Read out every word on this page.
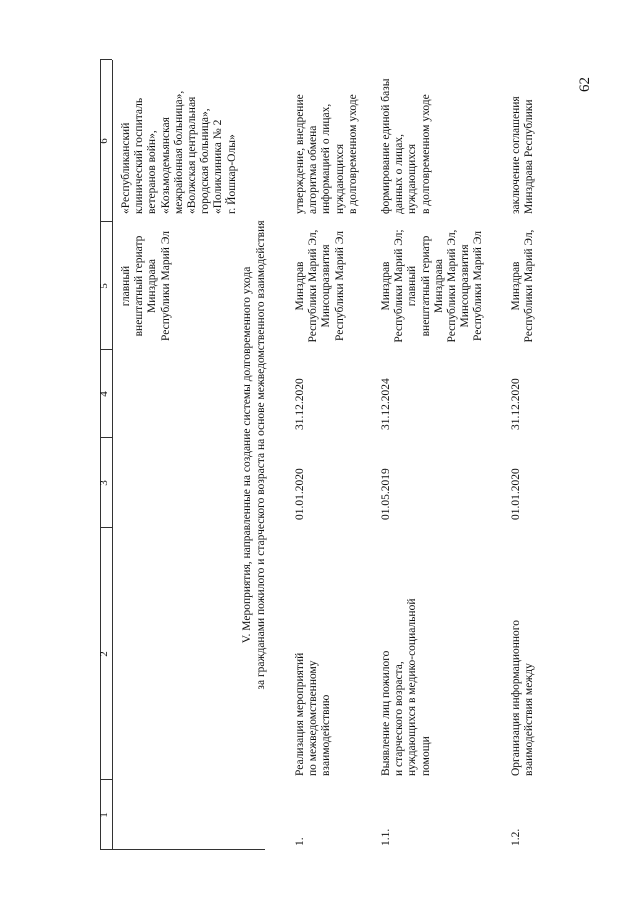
62
1
2
3
4
5
6
главный
внештатный гериатр
Минздрава
Республики Марий Эл
«Республиканский
клинический госпиталь
ветеранов войн»,
«Козьмодемьянская
межрайонная больница»,
«Волжская центральная
городская больница»,
«Поликлиника № 2
г. Йошкар-Олы»
V. Мероприятия, направленные на создание системы долговременного ухода за гражданами пожилого и старческого возраста на основе межведомственного взаимодействия
1.
Реализация мероприятий
по межведомственному
взаимодействию
01.01.2020
31.12.2020
Минздрав
Республики Марий Эл,
Минсоцразвития
Республики Марий Эл
утверждение, внедрение
алгоритма обмена
информацией о лицах,
нуждающихся
в долговременном уходе
1.1.
Выявление лиц пожилого
и старческого возраста,
нуждающихся в медико-социальной
помощи
01.05.2019
31.12.2024
Минздрав
Республики Марий Эл;
главный
внештатный гериатр
Минздрава
Республики Марий Эл,
Минсоцразвития
Республики Марий Эл
формирование единой базы
данных о лицах,
нуждающихся
в долговременном уходе
1.2.
Организация информационного
взаимодействия между
01.01.2020
31.12.2020
Минздрав
Республики Марий Эл,
заключение соглашения
Минздрава Республики
